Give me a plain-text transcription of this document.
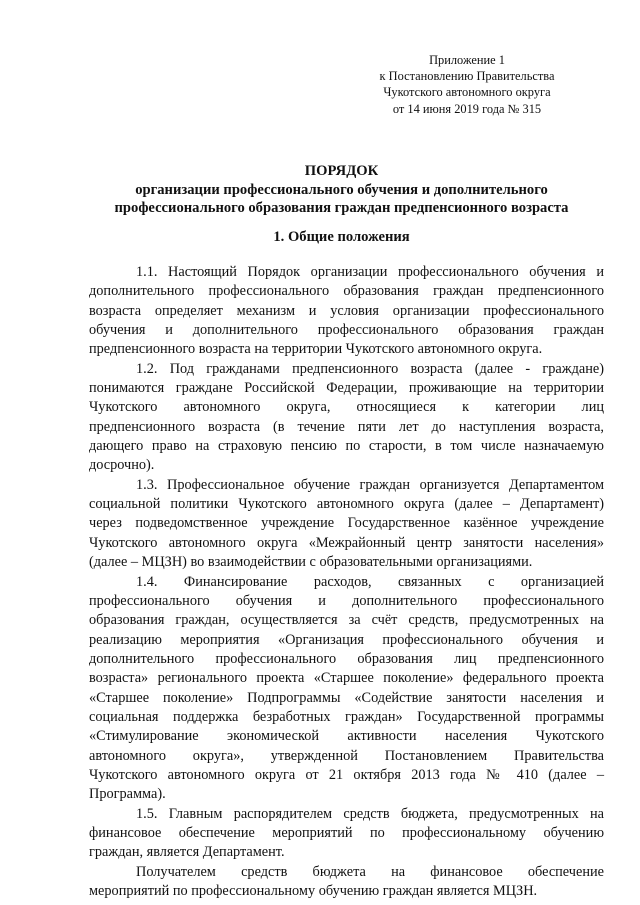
Приложение 1
к Постановлению Правительства
Чукотского автономного округа
от 14 июня 2019 года № 315
ПОРЯДОК
организации профессионального обучения и дополнительного
профессионального образования граждан предпенсионного возраста
1. Общие положения
1.1. Настоящий Порядок организации профессионального обучения и
дополнительного профессионального образования граждан предпенсионного
возраста определяет механизм и условия организации профессионального
обучения и дополнительного профессионального образования граждан
предпенсионного возраста на территории Чукотского автономного округа.
1.2. Под гражданами предпенсионного возраста (далее - граждане)
понимаются граждане Российской Федерации, проживающие на территории
Чукотского автономного округа, относящиеся к категории лиц
предпенсионного возраста (в течение пяти лет до наступления возраста,
дающего право на страховую пенсию по старости, в том числе назначаемую
досрочно).
1.3. Профессиональное обучение граждан организуется Департаментом
социальной политики Чукотского автономного округа (далее – Департамент)
через подведомственное учреждение Государственное казённое учреждение
Чукотского автономного округа «Межрайонный центр занятости населения»
(далее – МЦЗН) во взаимодействии с образовательными организациями.
1.4. Финансирование расходов, связанных с организацией
профессионального обучения и дополнительного профессионального
образования граждан, осуществляется за счёт средств, предусмотренных на
реализацию мероприятия «Организация профессионального обучения и
дополнительного профессионального образования лиц предпенсионного
возраста» регионального проекта «Старшее поколение» федерального проекта
«Старшее поколение» Подпрограммы «Содействие занятости населения и
социальная поддержка безработных граждан» Государственной программы
«Стимулирование экономической активности населения Чукотского
автономного округа», утвержденной Постановлением Правительства
Чукотского автономного округа от 21 октября 2013 года № 410 (далее –
Программа).
1.5. Главным распорядителем средств бюджета, предусмотренных на
финансовое обеспечение мероприятий по профессиональному обучению
граждан, является Департамент.
Получателем средств бюджета на финансовое обеспечение
мероприятий по профессиональному обучению граждан является МЦЗН.
